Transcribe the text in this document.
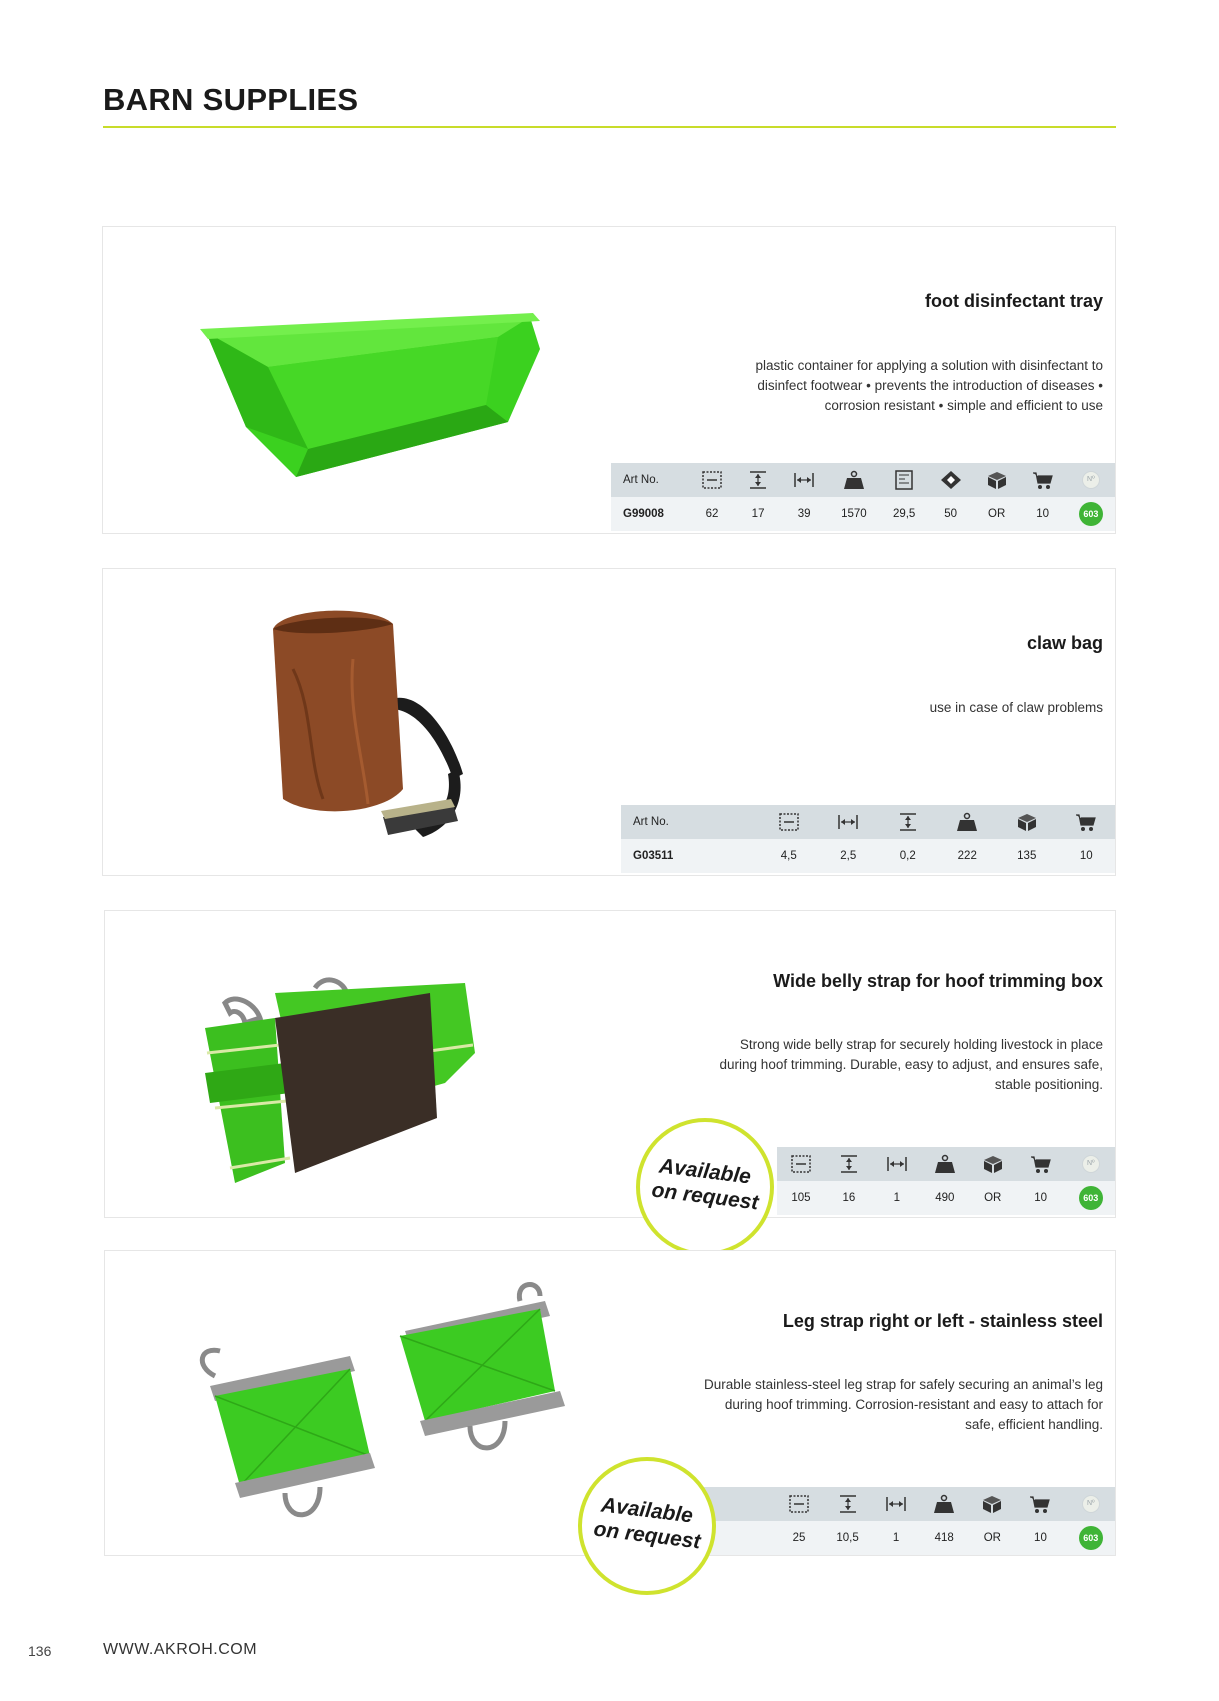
BARN SUPPLIES
foot disinfectant tray
plastic container for applying a solution with disinfectant to
disinfect footwear • prevents the introduction of diseases •
corrosion resistant • simple and efficient to use
Art No.									Nº
G99008	62	17	39	1570	29,5	50	OR	10	603
claw bag
use in case of claw problems
Art No.						
G03511	4,5	2,5	0,2	222	135	10
Wide belly strap for hoof trimming box
Strong wide belly strap for securely holding livestock in place
during hoof trimming. Durable, easy to adjust, and ensures safe,
stable positioning.
						Nº
105	16	1	490	OR	10	603
Available
on request
Leg strap right or left - stainless steel
Durable stainless-steel leg strap for safely securing an animal’s leg
during hoof trimming. Corrosion-resistant and easy to attach for
safe, efficient handling.
							Nº
	25	10,5	1	418	OR	10	603
Available
on request
136	WWW.AKROH.COM
